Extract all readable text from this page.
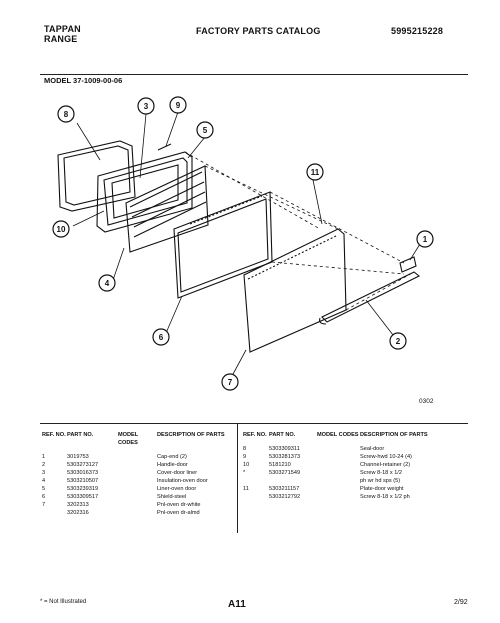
TAPPAN
RANGE
FACTORY PARTS CATALOG	5995215228
MODEL 37-1009-00-06
1
2
3
4
5
6
7
8
9
10
11
0302
REF. NO.	PART NO.	MODEL CODES	DESCRIPTION OF PARTS

1	3019753		Cap-end (2)
2	5303273127		Handle-door
3	5303016373		Cover-door liner
4	5303210507		Insulation-oven door
5	5303239319		Liner-oven door
6	5303309517		Shield-steel
7	3202313		Pnl-oven dr-white
	3202316		Pnl-oven dr-almd
REF. NO.	PART NO.	MODEL CODES	DESCRIPTION OF PARTS

8	5303309311		Seal-door
9	5303281373		Screw-hwd 10-24 (4)
10	5181210		Channel-retainer (2)
*	5303271549		Screw 8-18 x 1/2
			ph wr hd sps (5)
11	5303211157		Plate-door weight
	5303212792		Screw 8-18 x 1/2 ph
* = Not Illustrated	A11	2/92
